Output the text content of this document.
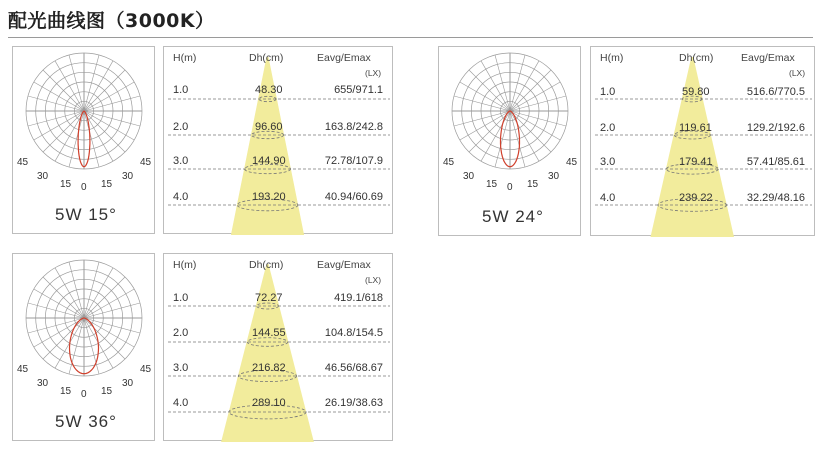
配光曲线图（3000K）
45
30
15 0 15
30
45
5W 15°
H(m)	Dh(cm)	Eavg/Emax
(LX)
1.0	48.30	655/971.1
2.0	96.60	163.8/242.8
3.0	144.90	72.78/107.9
4.0	193.20	40.94/60.69
45
30
15 0 15
30
45
5W 24°
H(m)	Dh(cm)	Eavg/Emax
(LX)
1.0	59.80	516.6/770.5
2.0	119.61	129.2/192.6
3.0	179.41	57.41/85.61
4.0	239.22	32.29/48.16
45
30
15 0 15
30
45
5W 36°
H(m)	Dh(cm)	Eavg/Emax
(LX)
1.0	72.27	419.1/618
2.0	144.55	104.8/154.5
3.0	216.82	46.56/68.67
4.0	289.10	26.19/38.63
